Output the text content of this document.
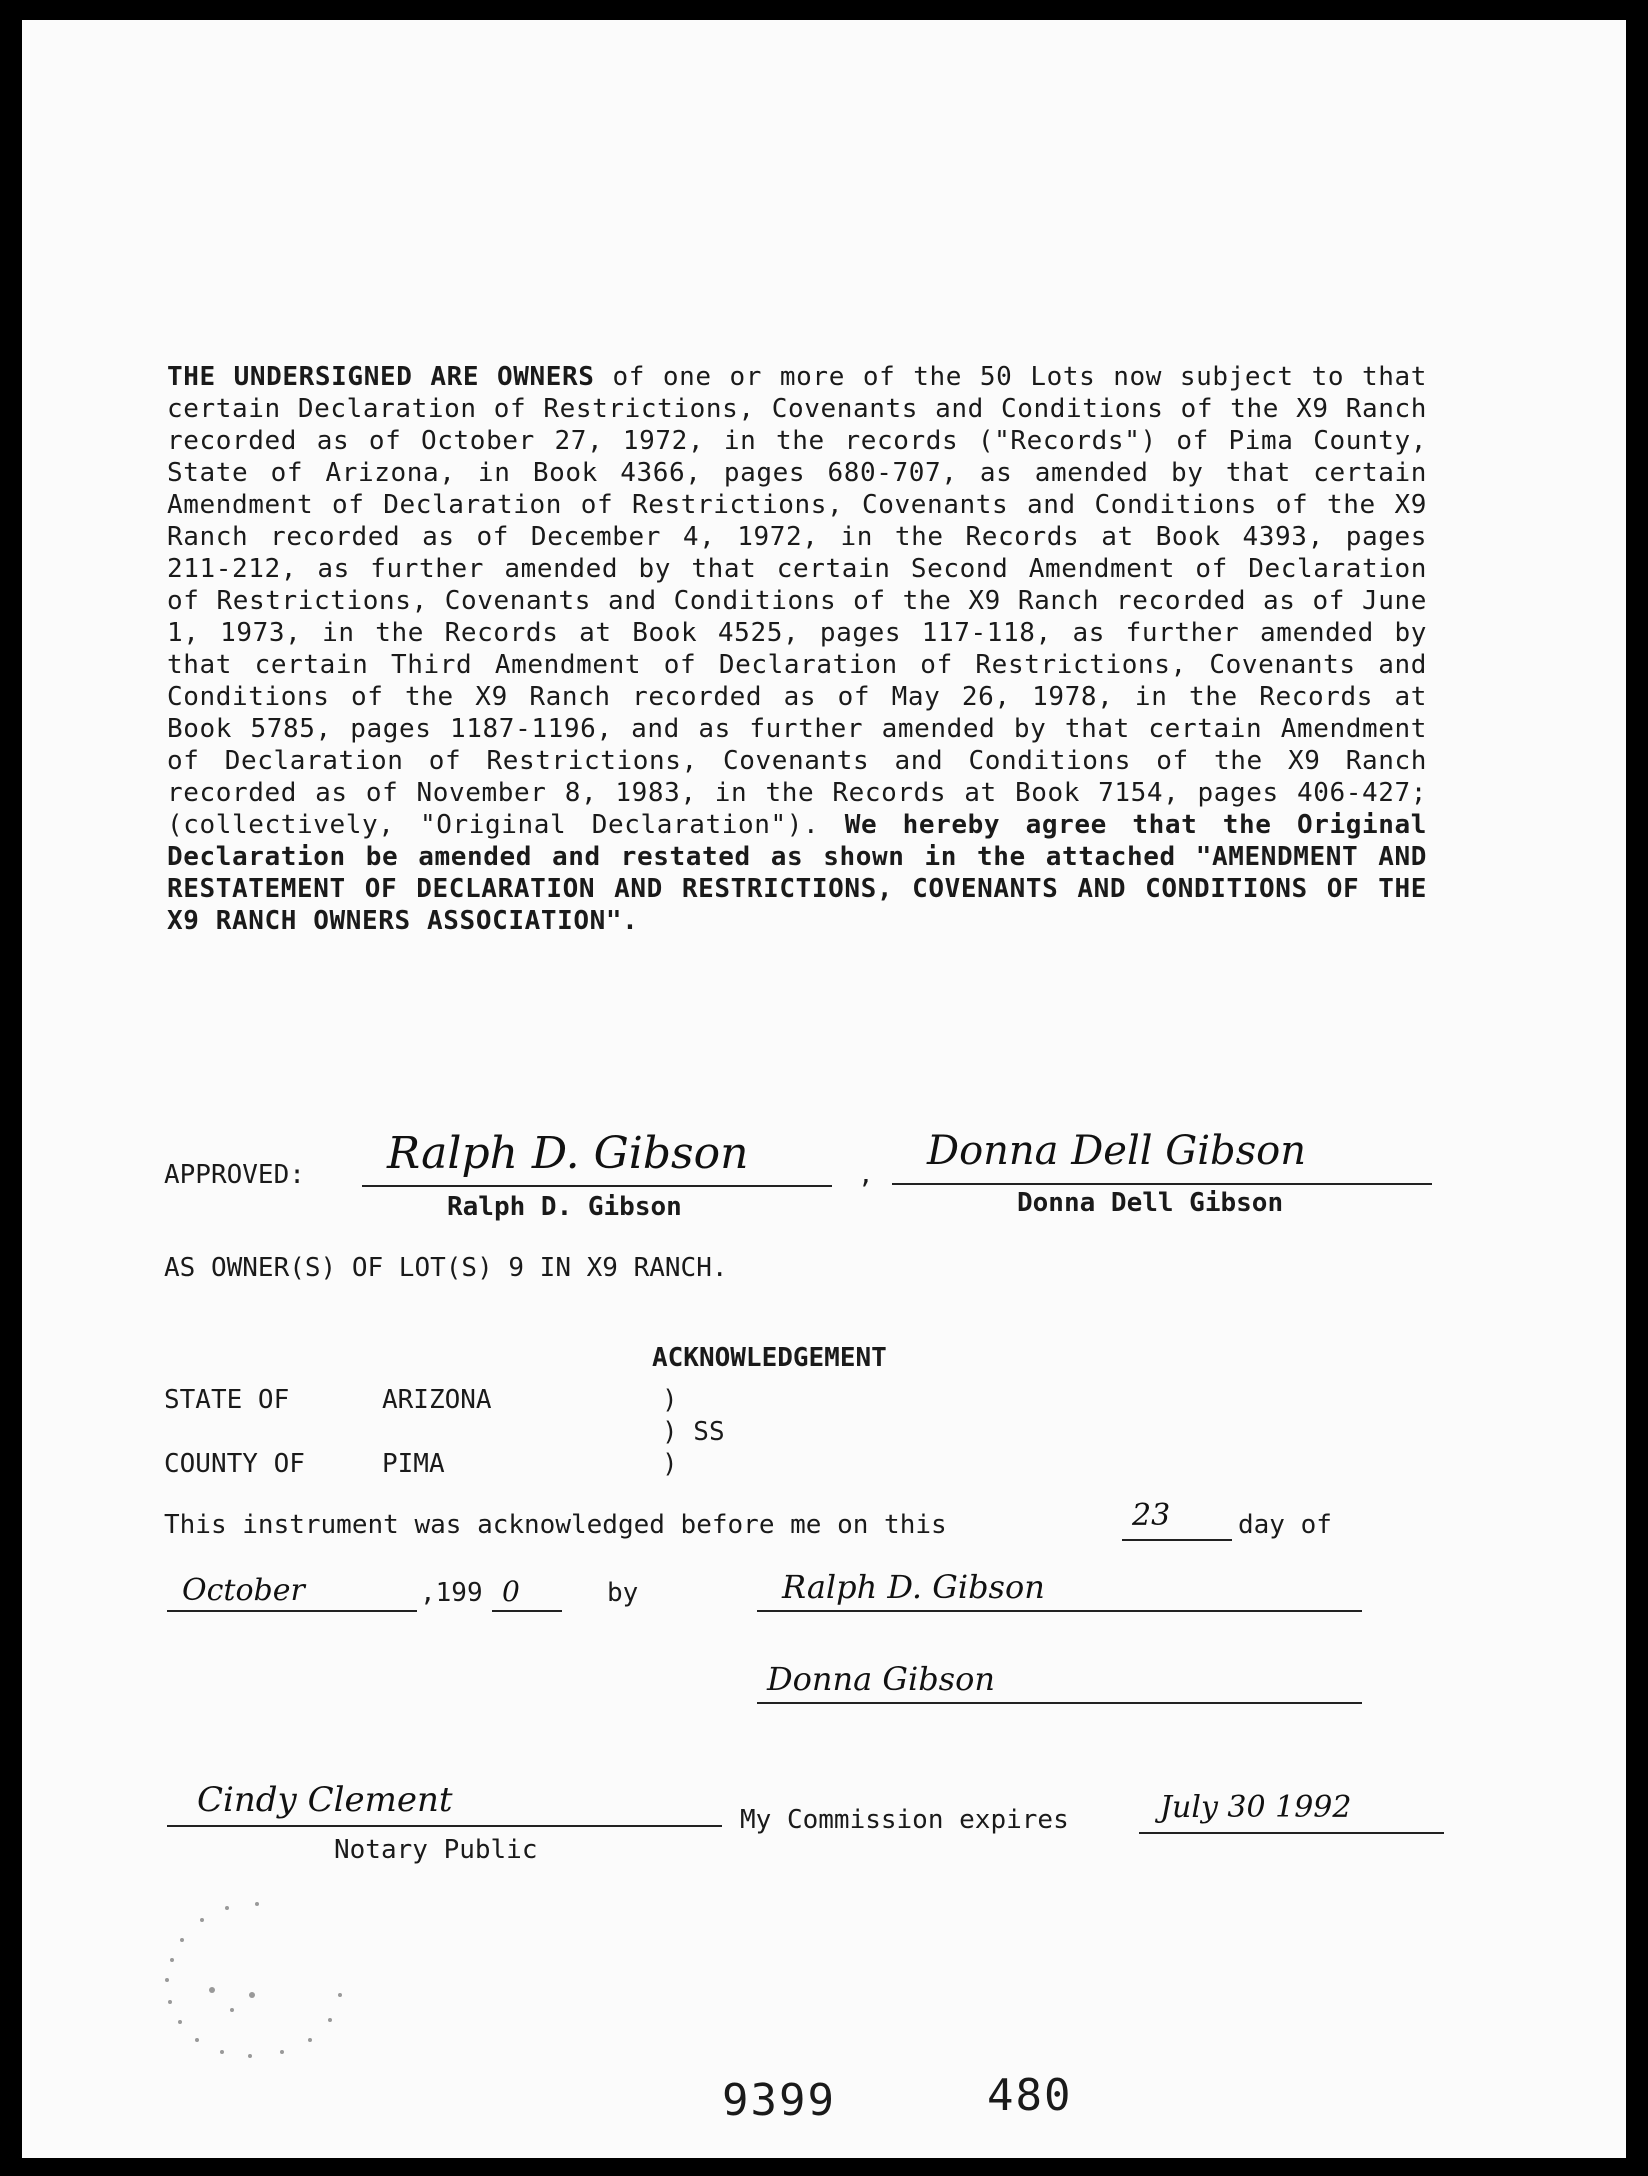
THE UNDERSIGNED ARE OWNERS of one or more of the 50 Lots now subject to that certain Declaration of Restrictions, Covenants and Conditions of the X9 Ranch recorded as of October 27, 1972, in the records ("Records") of Pima County, State of Arizona, in Book 4366, pages 680-707, as amended by that certain Amendment of Declaration of Restrictions, Covenants and Conditions of the X9 Ranch recorded as of December 4, 1972, in the Records at Book 4393, pages 211-212, as further amended by that certain Second Amendment of Declaration of Restrictions, Covenants and Conditions of the X9 Ranch recorded as of June 1, 1973, in the Records at Book 4525, pages 117-118, as further amended by that certain Third Amendment of Declaration of Restrictions, Covenants and Conditions of the X9 Ranch recorded as of May 26, 1978, in the Records at Book 5785, pages 1187-1196, and as further amended by that certain Amendment of Declaration of Restrictions, Covenants and Conditions of the X9 Ranch recorded as of November 8, 1983, in the Records at Book 7154, pages 406-427; (collectively, "Original Declaration"). We hereby agree that the Original Declaration be amended and restated as shown in the attached "AMENDMENT AND RESTATEMENT OF DECLARATION AND RESTRICTIONS, COVENANTS AND CONDITIONS OF THE X9 RANCH OWNERS ASSOCIATION".

APPROVED: Ralph D. Gibson
Ralph D. Gibson
,
Donna Dell Gibson
Donna Dell Gibson
AS OWNER(S) OF LOT(S) 9 IN X9 RANCH.
ACKNOWLEDGEMENT
STATE OF	ARIZONA	)
) SS
COUNTY OF	PIMA	)
This instrument was acknowledged before me on this	23	day of
October	,199 0	by	Ralph D. Gibson
Donna Gibson
Cindy Clement
Notary Public
My Commission expires	July 30 1992
9399	480
